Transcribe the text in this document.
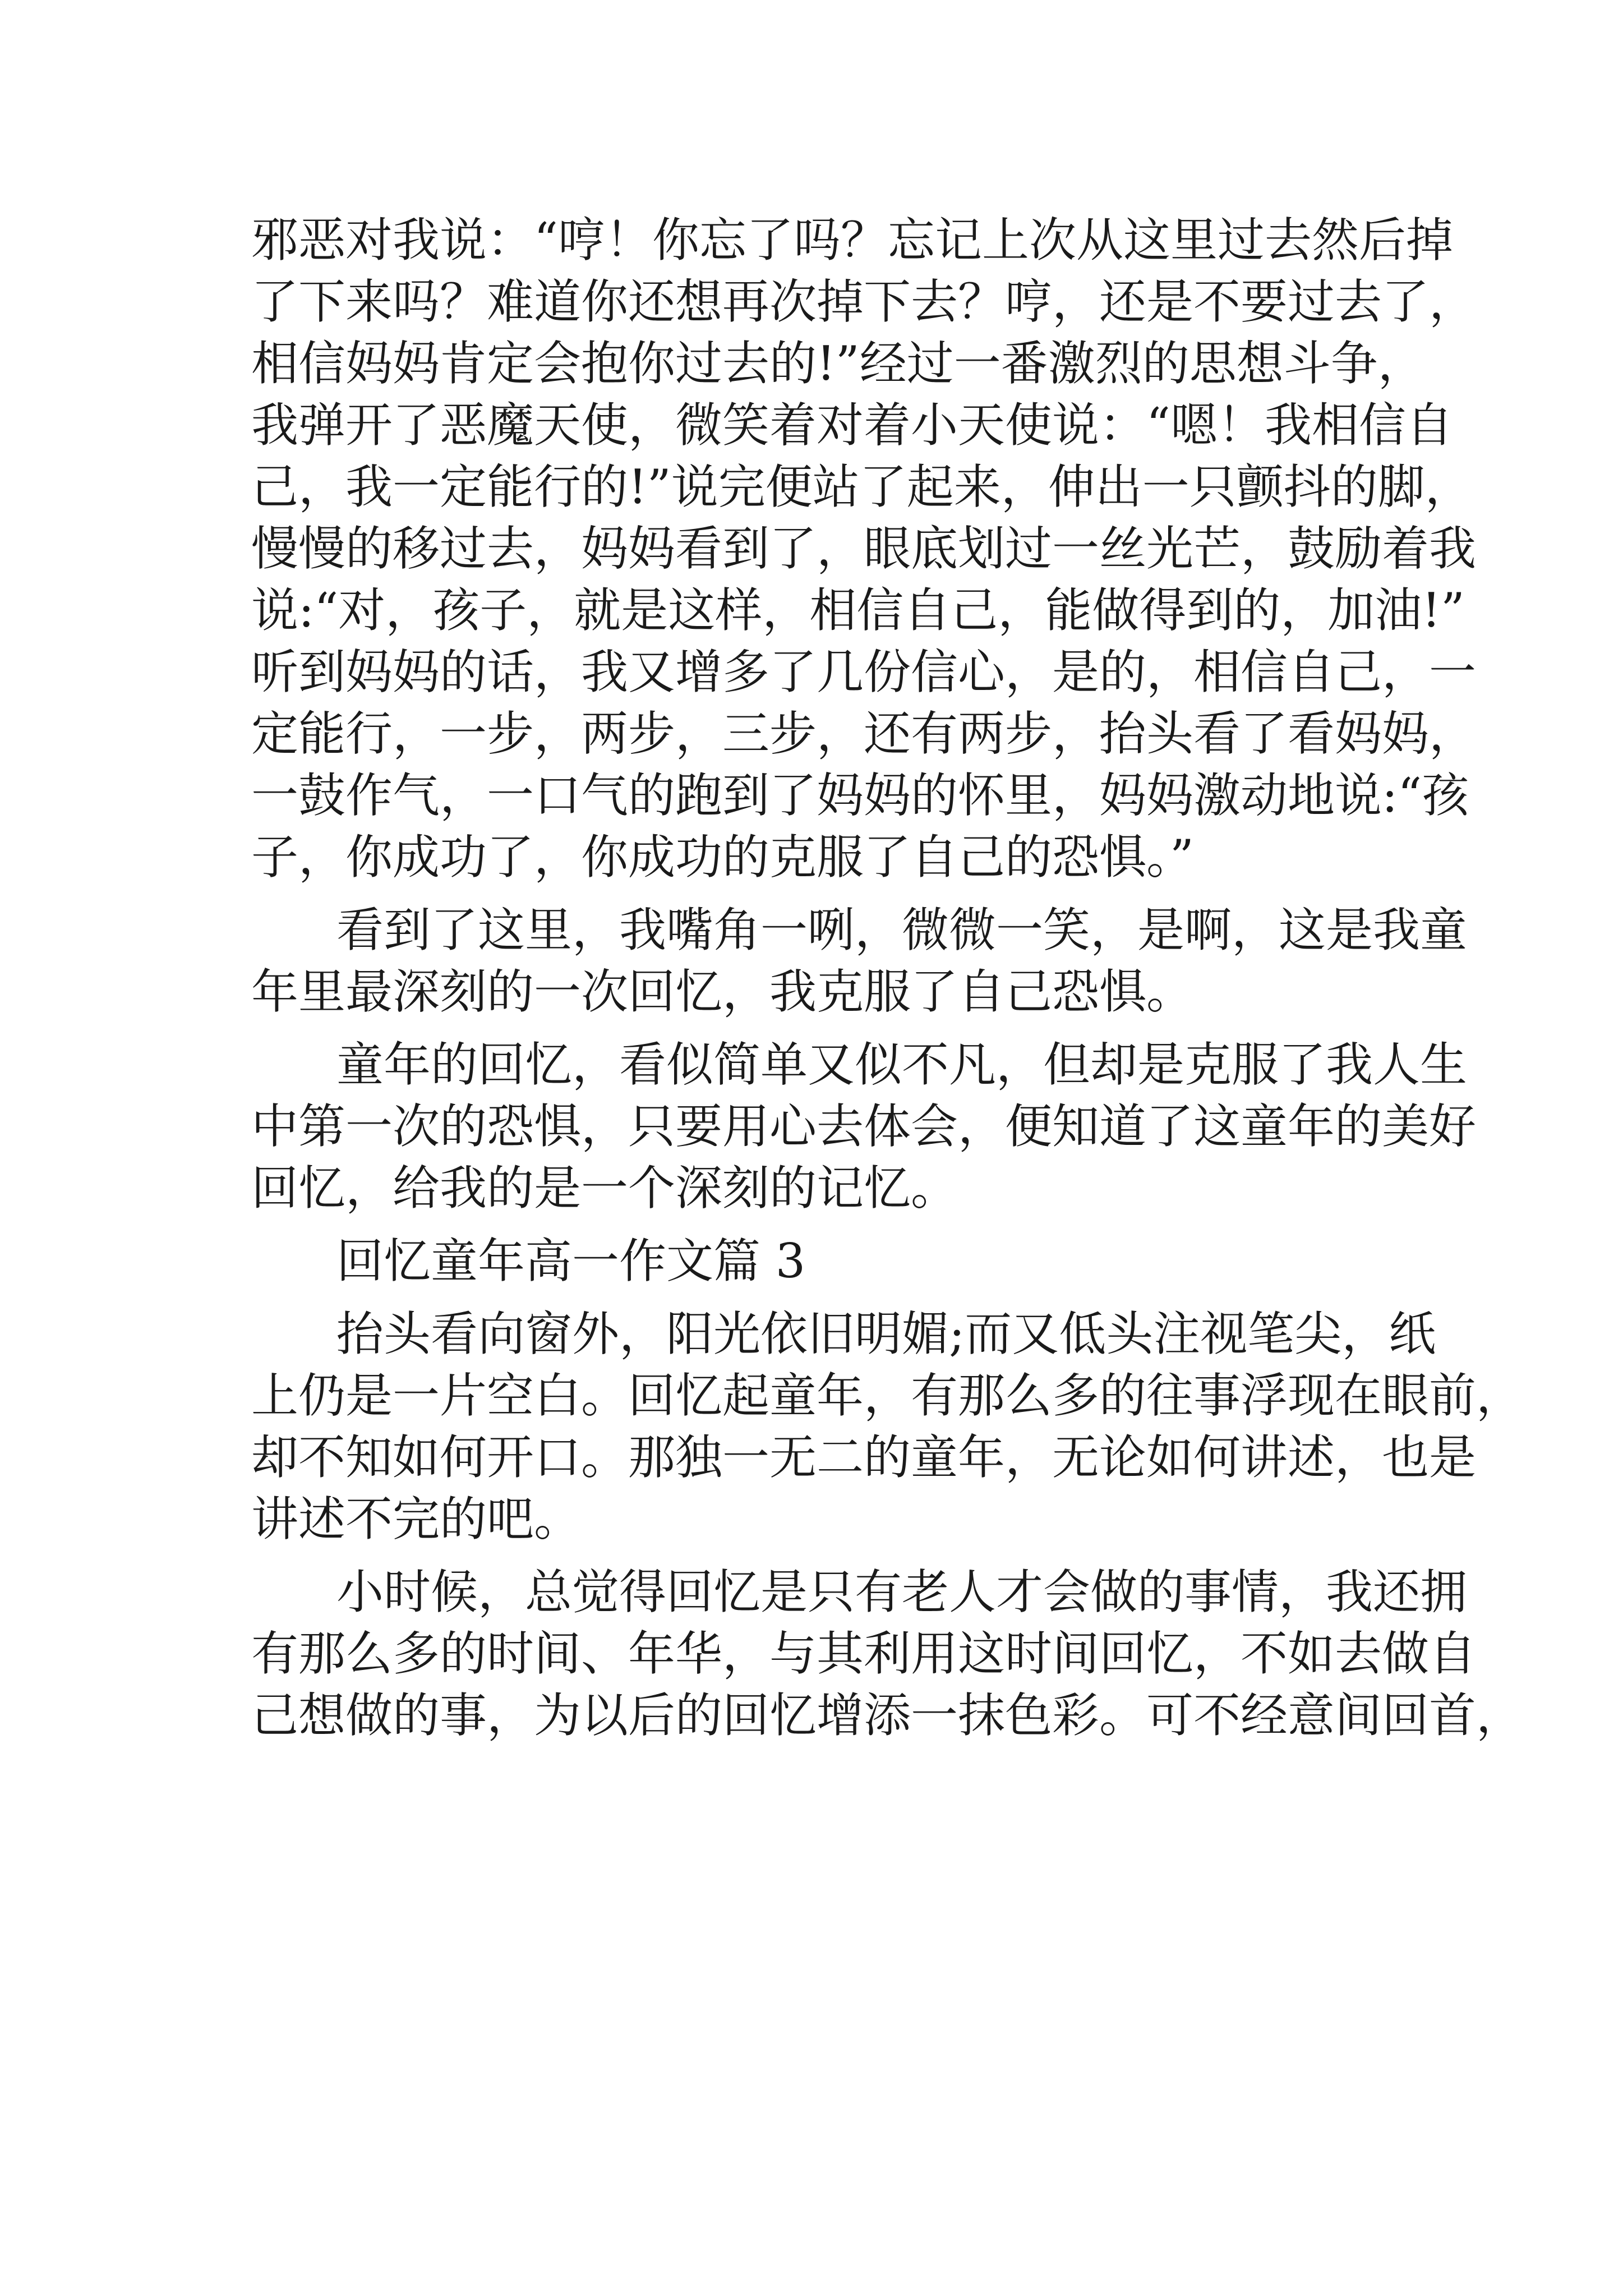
邪恶对我说：“哼！你忘了吗？忘记上次从这里过去然后掉

了下来吗？难道你还想再次掉下去？哼，还是不要过去了，

相信妈妈肯定会抱你过去的!”经过一番激烈的思想斗争，

我弹开了恶魔天使，微笑着对着小天使说：“嗯！我相信自

己，我一定能行的!”说完便站了起来，伸出一只颤抖的脚，

慢慢的移过去，妈妈看到了，眼底划过一丝光芒，鼓励着我

说:“对，孩子，就是这样，相信自己，能做得到的，加油!”

听到妈妈的话，我又增多了几份信心，是的，相信自己，一

定能行，一步，两步，三步，还有两步，抬头看了看妈妈，

一鼓作气，一口气的跑到了妈妈的怀里，妈妈激动地说:“孩

子，你成功了，你成功的克服了自己的恐惧。”

看到了这里，我嘴角一咧，微微一笑，是啊，这是我童

年里最深刻的一次回忆，我克服了自己恐惧。

童年的回忆，看似简单又似不凡，但却是克服了我人生

中第一次的恐惧，只要用心去体会，便知道了这童年的美好

回忆，给我的是一个深刻的记忆。

回忆童年高一作文篇 3

抬头看向窗外，阳光依旧明媚;而又低头注视笔尖，纸

上仍是一片空白。回忆起童年，有那么多的往事浮现在眼前，

却不知如何开口。那独一无二的童年，无论如何讲述，也是

讲述不完的吧。

小时候，总觉得回忆是只有老人才会做的事情，我还拥

有那么多的时间、年华，与其利用这时间回忆，不如去做自

己想做的事，为以后的回忆增添一抹色彩。可不经意间回首，
